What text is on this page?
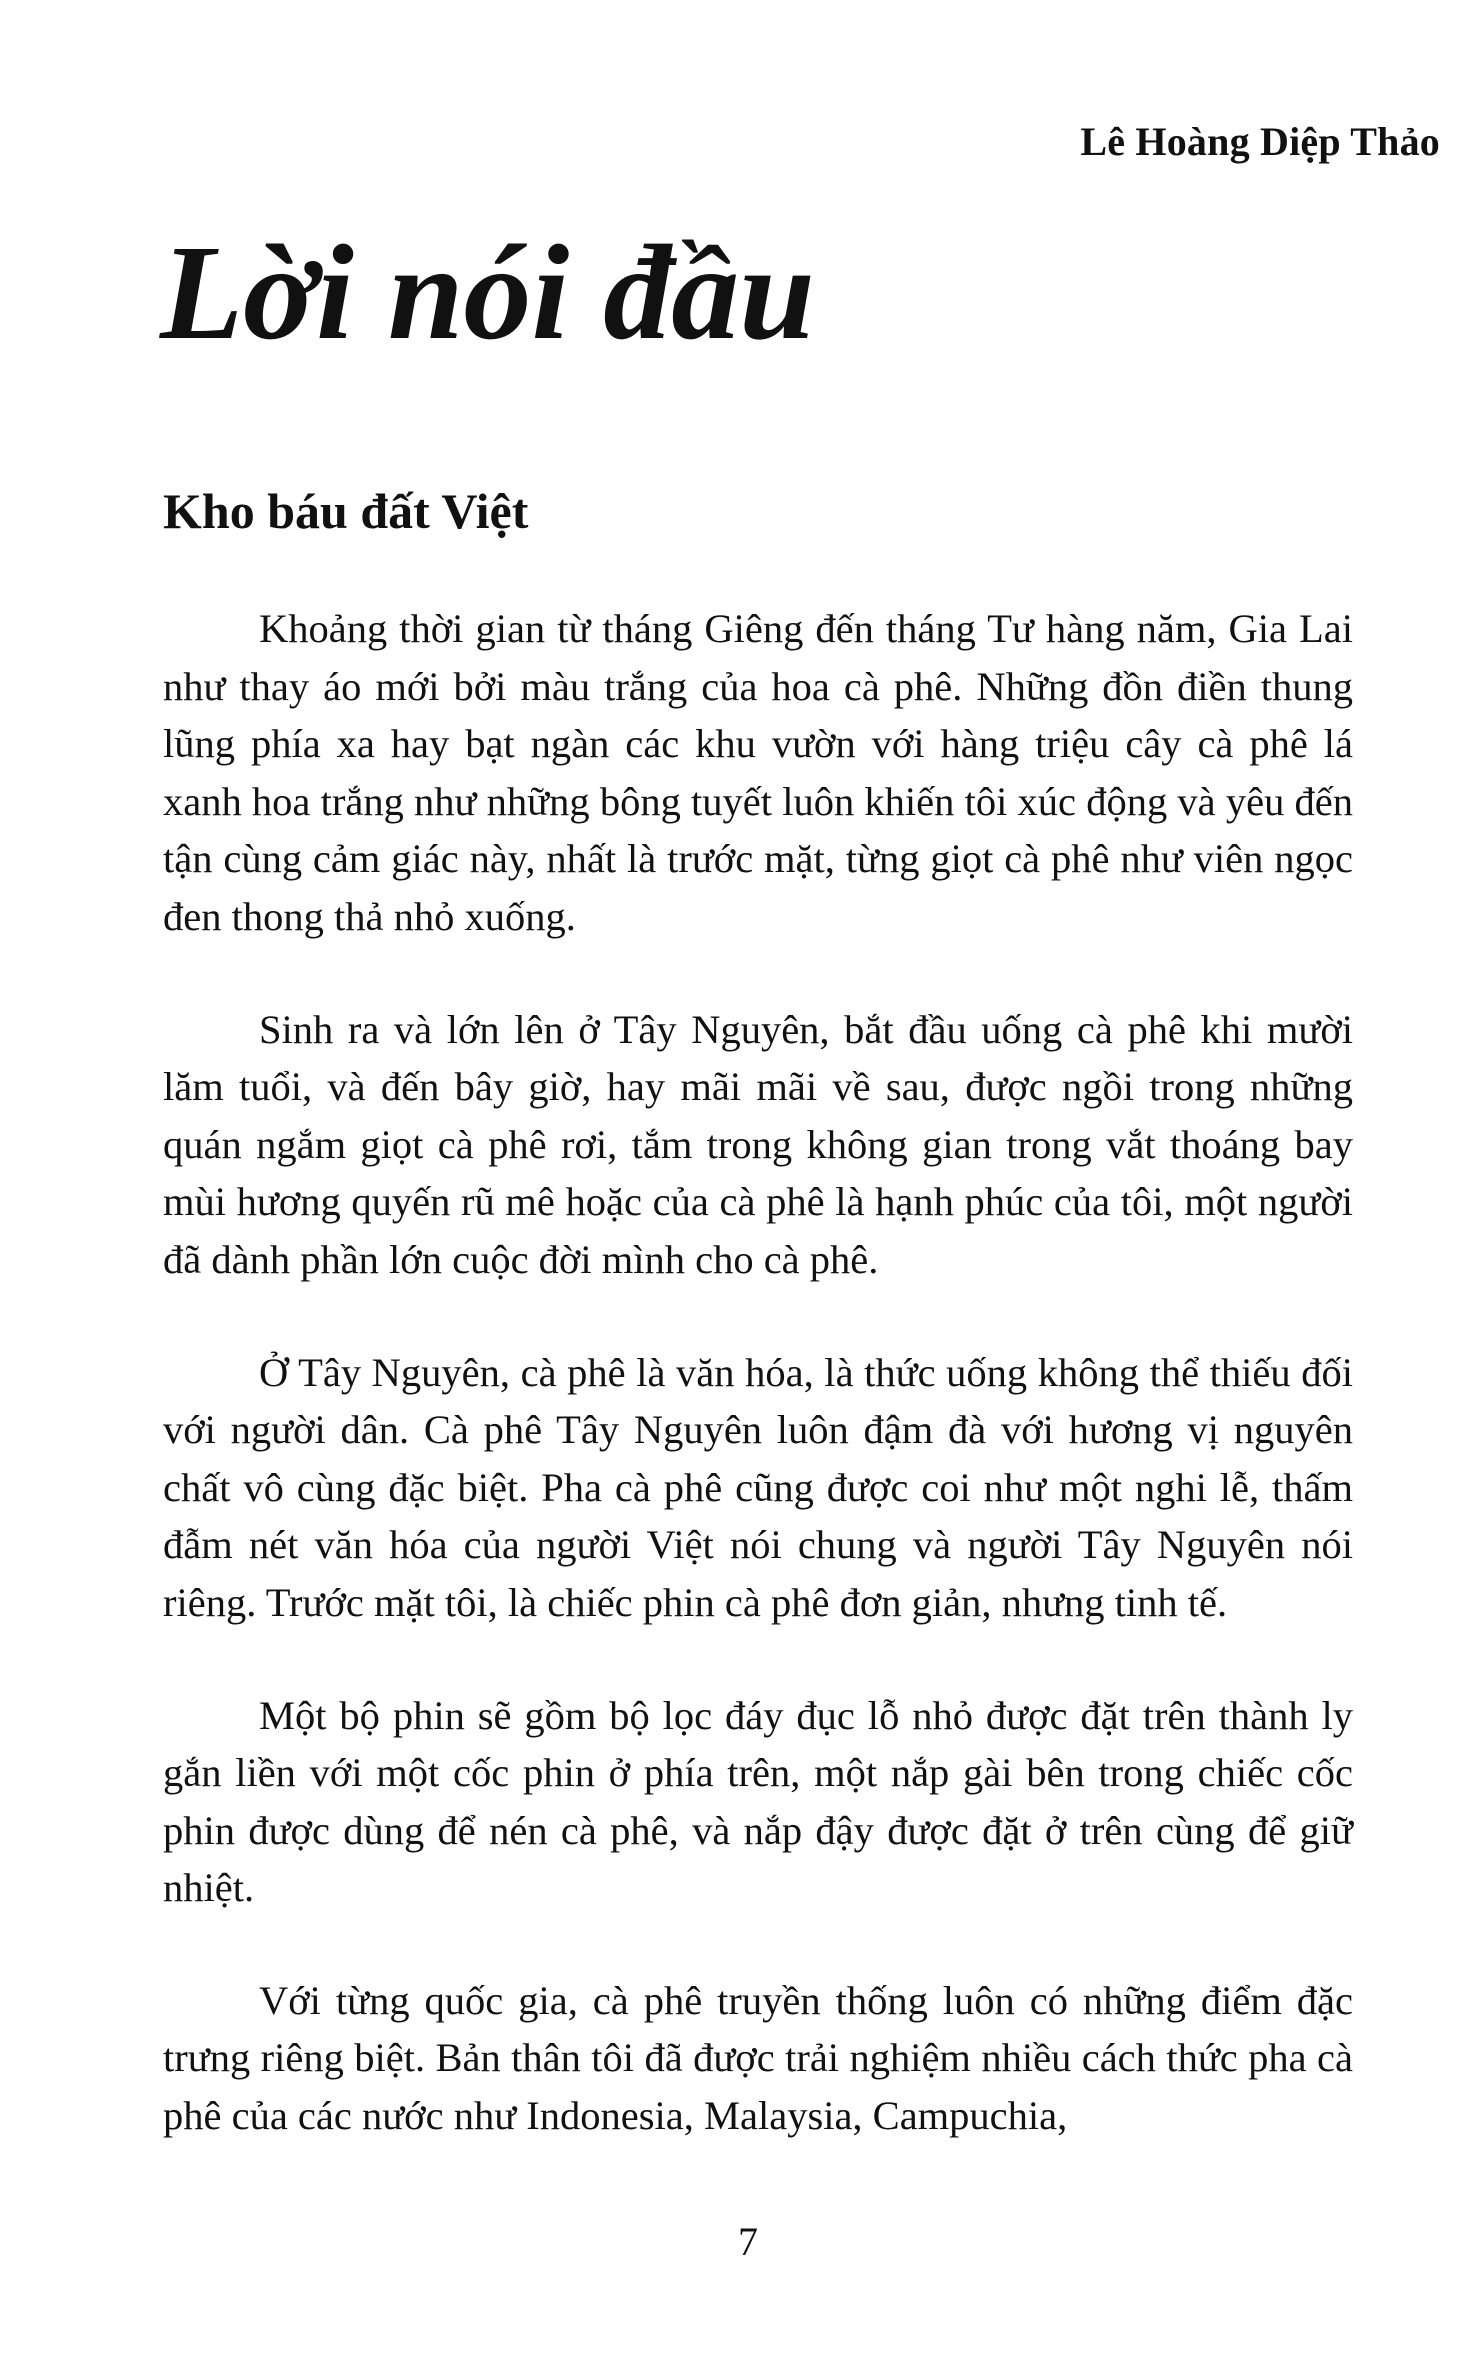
Lê Hoàng Diệp Thảo
Lời nói đầu
Kho báu đất Việt

Khoảng thời gian từ tháng Giêng đến tháng Tư hàng năm, Gia Lai như thay áo mới bởi màu trắng của hoa cà phê. Những đồn điền thung lũng phía xa hay bạt ngàn các khu vườn với hàng triệu cây cà phê lá xanh hoa trắng như những bông tuyết luôn khiến tôi xúc động và yêu đến tận cùng cảm giác này, nhất là trước mặt, từng giọt cà phê như viên ngọc đen thong thả nhỏ xuống.

Sinh ra và lớn lên ở Tây Nguyên, bắt đầu uống cà phê khi mười lăm tuổi, và đến bây giờ, hay mãi mãi về sau, được ngồi trong những quán ngắm giọt cà phê rơi, tắm trong không gian trong vắt thoáng bay mùi hương quyến rũ mê hoặc của cà phê là hạnh phúc của tôi, một người đã dành phần lớn cuộc đời mình cho cà phê.

Ở Tây Nguyên, cà phê là văn hóa, là thức uống không thể thiếu đối với người dân. Cà phê Tây Nguyên luôn đậm đà với hương vị nguyên chất vô cùng đặc biệt. Pha cà phê cũng được coi như một nghi lễ, thấm đẫm nét văn hóa của người Việt nói chung và người Tây Nguyên nói riêng. Trước mặt tôi, là chiếc phin cà phê đơn giản, nhưng tinh tế.

Một bộ phin sẽ gồm bộ lọc đáy đục lỗ nhỏ được đặt trên thành ly gắn liền với một cốc phin ở phía trên, một nắp gài bên trong chiếc cốc phin được dùng để nén cà phê, và nắp đậy được đặt ở trên cùng để giữ nhiệt.

Với từng quốc gia, cà phê truyền thống luôn có những điểm đặc trưng riêng biệt. Bản thân tôi đã được trải nghiệm nhiều cách thức pha cà phê của các nước như Indonesia, Malaysia, Campuchia,

7
